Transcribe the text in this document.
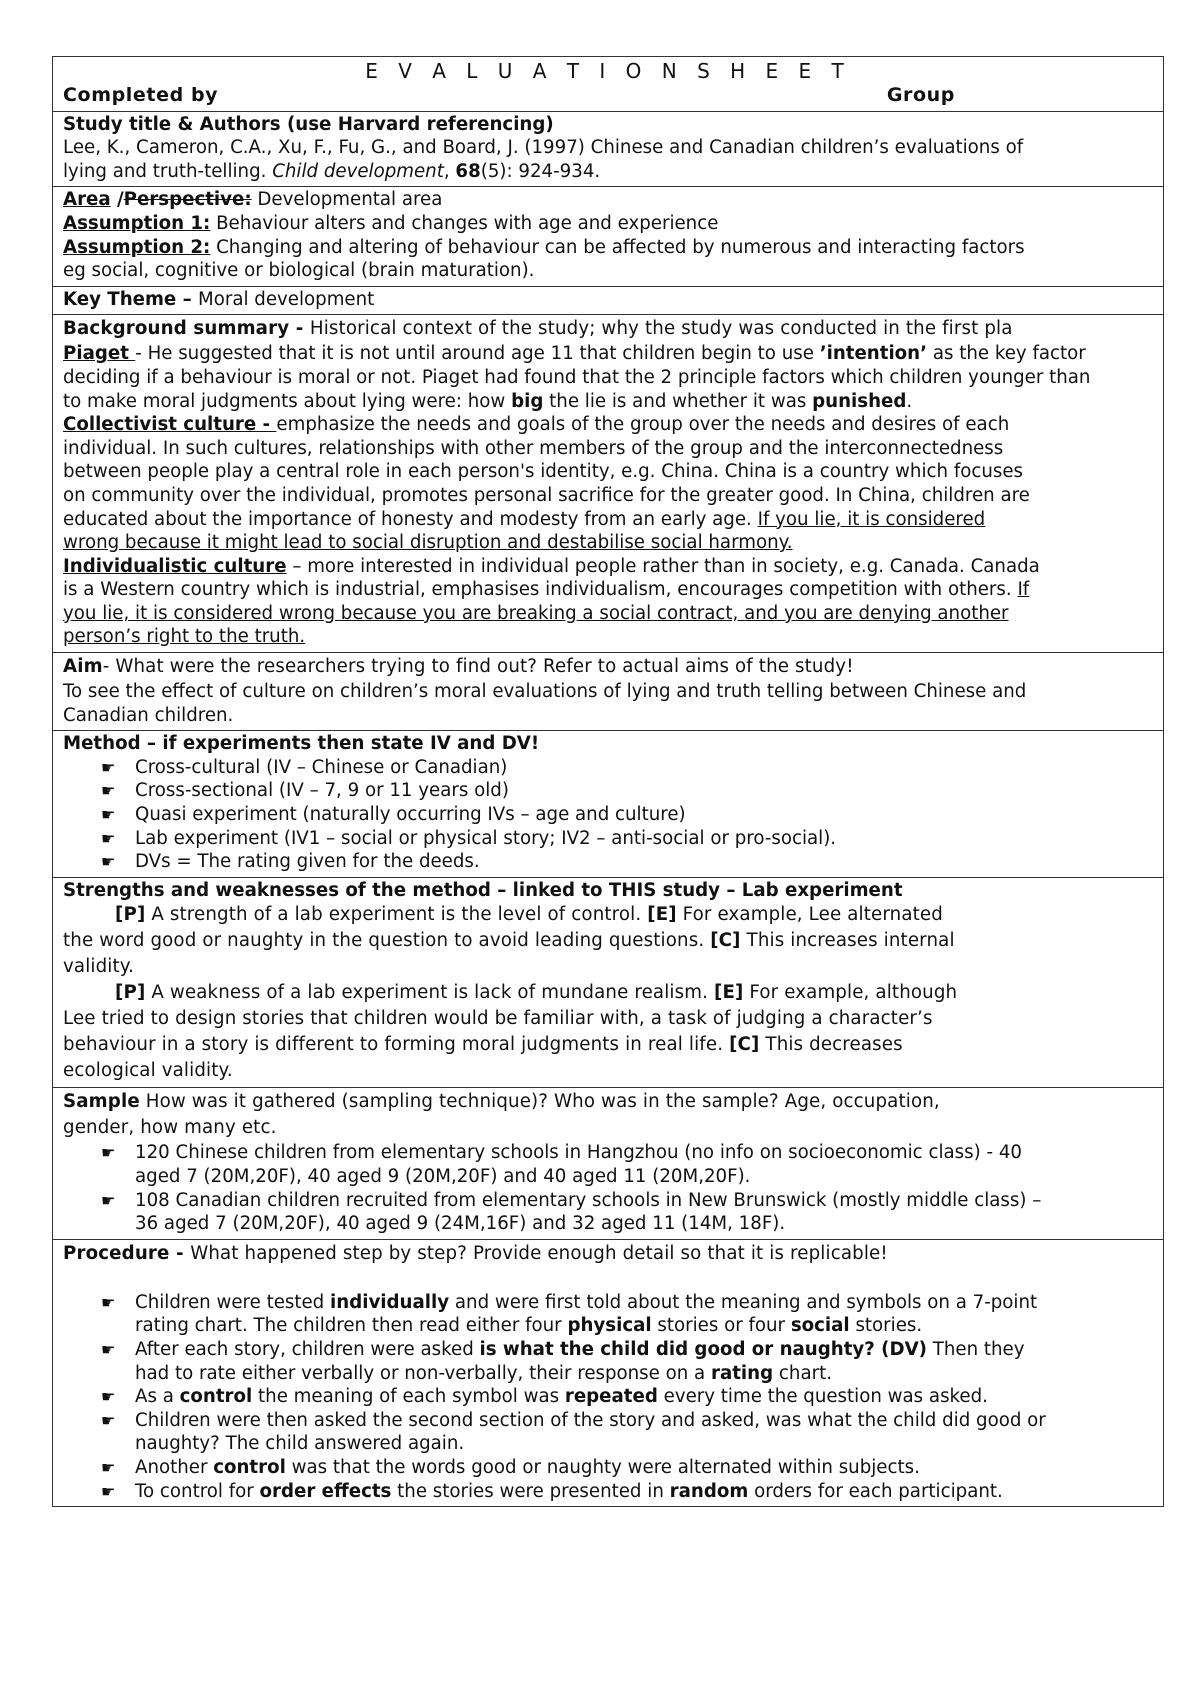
E V A L U A T I O N S H E E T
Completed by	Group
Study title & Authors (use Harvard referencing)
Lee, K., Cameron, C.A., Xu, F., Fu, G., and Board, J. (1997) Chinese and Canadian children’s evaluations of
lying and truth-telling. Child development, 68(5): 924-934.
Area /Perspective: Developmental area
Assumption 1: Behaviour alters and changes with age and experience
Assumption 2: Changing and altering of behaviour can be affected by numerous and interacting factors
eg social, cognitive or biological (brain maturation).
Key Theme – Moral development
Background summary - Historical context of the study; why the study was conducted in the first pla
Piaget - He suggested that it is not until around age 11 that children begin to use ’intention’ as the key factor
deciding if a behaviour is moral or not. Piaget had found that the 2 principle factors which children younger than
to make moral judgments about lying were: how big the lie is and whether it was punished.
Collectivist culture - emphasize the needs and goals of the group over the needs and desires of each
individual. In such cultures, relationships with other members of the group and the interconnectedness
between people play a central role in each person's identity, e.g. China. China is a country which focuses
on community over the individual, promotes personal sacrifice for the greater good. In China, children are
educated about the importance of honesty and modesty from an early age. If you lie, it is considered
wrong because it might lead to social disruption and destabilise social harmony.
Individualistic culture – more interested in individual people rather than in society, e.g. Canada. Canada
is a Western country which is industrial, emphasises individualism, encourages competition with others. If
you lie, it is considered wrong because you are breaking a social contract, and you are denying another
person’s right to the truth.
Aim- What were the researchers trying to find out? Refer to actual aims of the study!
To see the effect of culture on children’s moral evaluations of lying and truth telling between Chinese and
Canadian children.
Method – if experiments then state IV and DV!
☛ Cross-cultural (IV – Chinese or Canadian)
☛ Cross-sectional (IV – 7, 9 or 11 years old)
☛ Quasi experiment (naturally occurring IVs – age and culture)
☛ Lab experiment (IV1 – social or physical story; IV2 – anti-social or pro-social).
☛ DVs = The rating given for the deeds.
Strengths and weaknesses of the method – linked to THIS study – Lab experiment
[P] A strength of a lab experiment is the level of control. [E] For example, Lee alternated
the word good or naughty in the question to avoid leading questions. [C] This increases internal
validity.
[P] A weakness of a lab experiment is lack of mundane realism. [E] For example, although
Lee tried to design stories that children would be familiar with, a task of judging a character’s
behaviour in a story is different to forming moral judgments in real life. [C] This decreases
ecological validity.
Sample How was it gathered (sampling technique)? Who was in the sample? Age, occupation,
gender, how many etc.
☛ 120 Chinese children from elementary schools in Hangzhou (no info on socioeconomic class) - 40
aged 7 (20M,20F), 40 aged 9 (20M,20F) and 40 aged 11 (20M,20F).
☛ 108 Canadian children recruited from elementary schools in New Brunswick (mostly middle class) –
36 aged 7 (20M,20F), 40 aged 9 (24M,16F) and 32 aged 11 (14M, 18F).
Procedure - What happened step by step? Provide enough detail so that it is replicable!
☛ Children were tested individually and were first told about the meaning and symbols on a 7-point
rating chart. The children then read either four physical stories or four social stories.
☛ After each story, children were asked is what the child did good or naughty? (DV) Then they
had to rate either verbally or non-verbally, their response on a rating chart.
☛ As a control the meaning of each symbol was repeated every time the question was asked.
☛ Children were then asked the second section of the story and asked, was what the child did good or
naughty? The child answered again.
☛ Another control was that the words good or naughty were alternated within subjects.
☛ To control for order effects the stories were presented in random orders for each participant.
